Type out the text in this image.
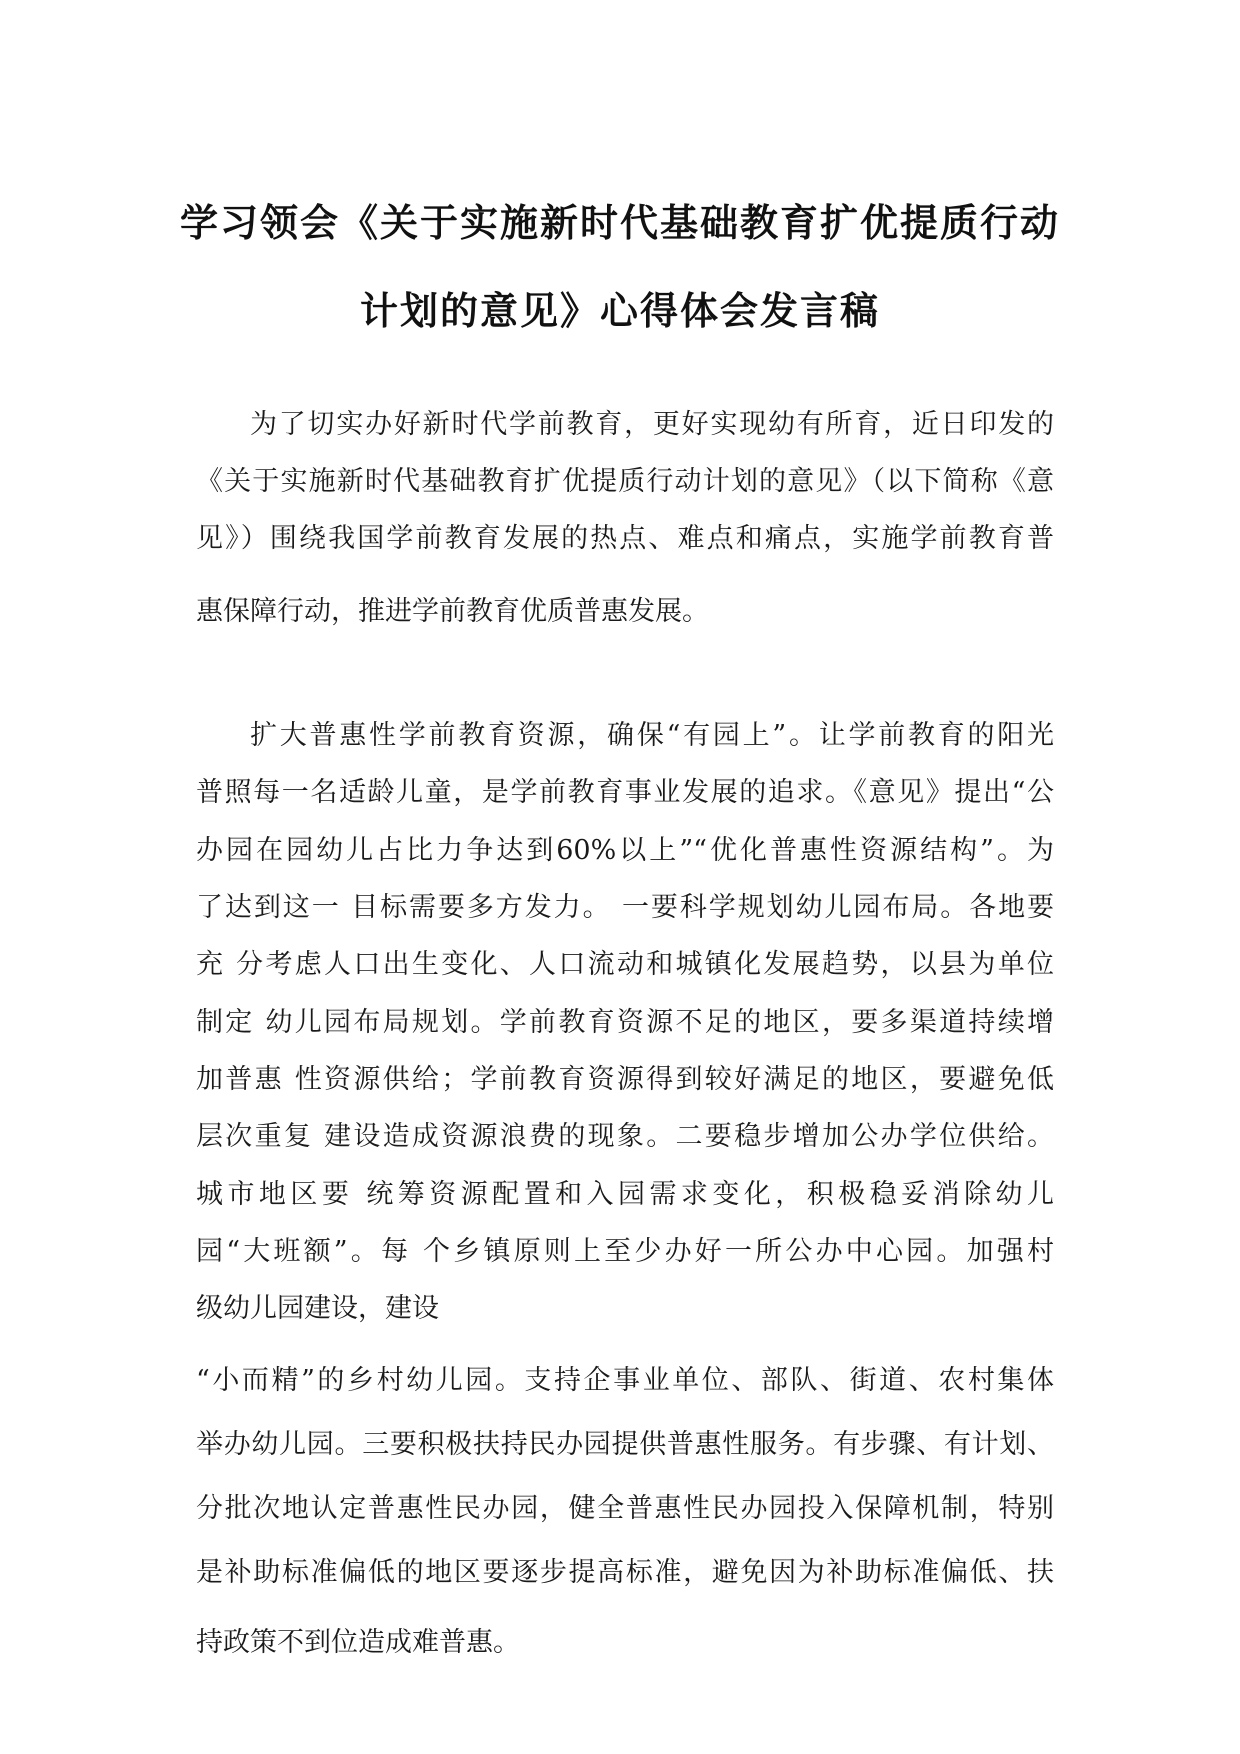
学习领会《关于实施新时代基础教育扩优提质行动
计划的意见》心得体会发言稿
为了切实办好新时代学前教育，更好实现幼有所育，近日印发的
《关于实施新时代基础教育扩优提质行动计划的意见》（以下简称《意
见》）围绕我国学前教育发展的热点、难点和痛点，实施学前教育普
惠保障行动，推进学前教育优质普惠发展。
扩大普惠性学前教育资源，确保“有园上”。让学前教育的阳光
普照每一名适龄儿童，是学前教育事业发展的追求。《意见》提出“公
办园在园幼儿占比力争达到60%以上”“优化普惠性资源结构”。为
了达到这一 目标需要多方发力。 一要科学规划幼儿园布局。各地要
充 分考虑人口出生变化、人口流动和城镇化发展趋势，以县为单位
制定 幼儿园布局规划。学前教育资源不足的地区，要多渠道持续增
加普惠 性资源供给；学前教育资源得到较好满足的地区，要避免低
层次重复 建设造成资源浪费的现象。二要稳步增加公办学位供给。
城市地区要 统筹资源配置和入园需求变化，积极稳妥消除幼儿
园“大班额”。每 个乡镇原则上至少办好一所公办中心园。加强村
级幼儿园建设，建设
“小而精”的乡村幼儿园。支持企事业单位、部队、街道、农村集体
举办幼儿园。三要积极扶持民办园提供普惠性服务。有步骤、有计划、
分批次地认定普惠性民办园，健全普惠性民办园投入保障机制，特别
是补助标准偏低的地区要逐步提高标准，避免因为补助标准偏低、扶
持政策不到位造成难普惠。
